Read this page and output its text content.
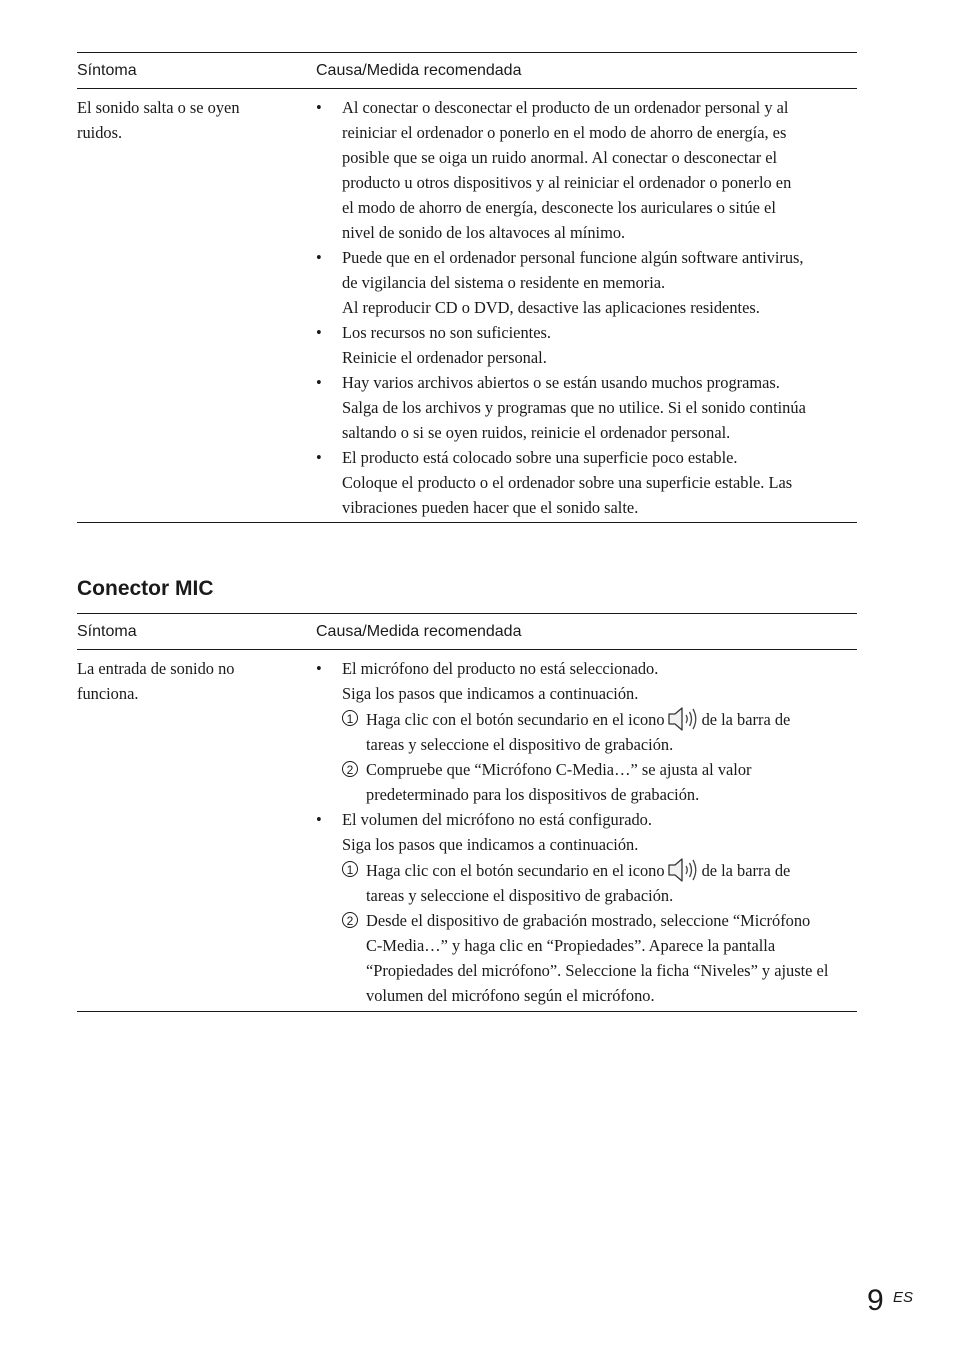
Síntoma	Causa/Medida recomendada
El sonido salta o se oyen
ruidos.
• Al conectar o desconectar el producto de un ordenador personal y al
reiniciar el ordenador o ponerlo en el modo de ahorro de energía, es
posible que se oiga un ruido anormal. Al conectar o desconectar el
producto u otros dispositivos y al reiniciar el ordenador o ponerlo en
el modo de ahorro de energía, desconecte los auriculares o sitúe el
nivel de sonido de los altavoces al mínimo.
• Puede que en el ordenador personal funcione algún software antivirus,
de vigilancia del sistema o residente en memoria.
Al reproducir CD o DVD, desactive las aplicaciones residentes.
• Los recursos no son suficientes.
Reinicie el ordenador personal.
• Hay varios archivos abiertos o se están usando muchos programas.
Salga de los archivos y programas que no utilice. Si el sonido continúa
saltando o si se oyen ruidos, reinicie el ordenador personal.
• El producto está colocado sobre una superficie poco estable.
Coloque el producto o el ordenador sobre una superficie estable. Las
vibraciones pueden hacer que el sonido salte.
Conector MIC
Síntoma	Causa/Medida recomendada
La entrada de sonido no
funciona.
• El micrófono del producto no está seleccionado.
Siga los pasos que indicamos a continuación.
1 Haga clic con el botón secundario en el icono de la barra de
tareas y seleccione el dispositivo de grabación.
2 Compruebe que “Micrófono C-Media…” se ajusta al valor
predeterminado para los dispositivos de grabación.
• El volumen del micrófono no está configurado.
Siga los pasos que indicamos a continuación.
1 Haga clic con el botón secundario en el icono de la barra de
tareas y seleccione el dispositivo de grabación.
2 Desde el dispositivo de grabación mostrado, seleccione “Micrófono
C-Media…” y haga clic en “Propiedades”. Aparece la pantalla
“Propiedades del micrófono”. Seleccione la ficha “Niveles” y ajuste el
volumen del micrófono según el micrófono.
9 ES
